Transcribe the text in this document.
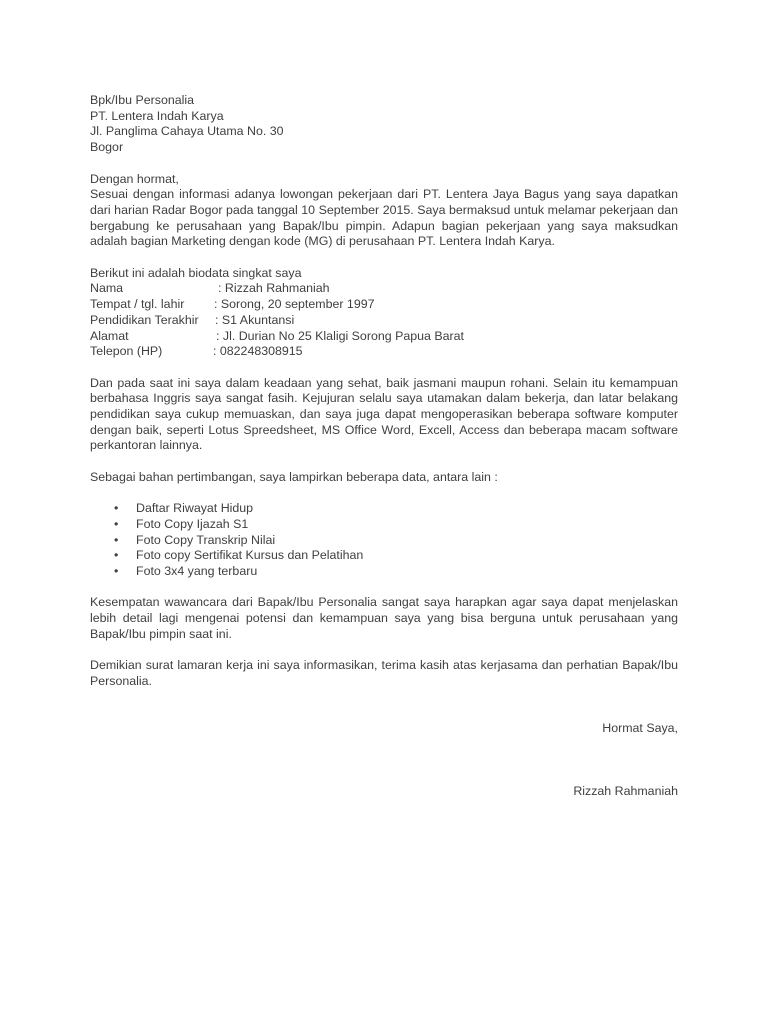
Bpk/Ibu Personalia

PT. Lentera Indah Karya

Jl. Panglima Cahaya Utama No. 30

Bogor

Dengan hormat,

Sesuai dengan informasi adanya lowongan pekerjaan dari PT. Lentera Jaya Bagus yang saya dapatkan dari harian Radar Bogor pada tanggal 10 September 2015. Saya bermaksud untuk melamar pekerjaan dan bergabung ke perusahaan yang Bapak/Ibu pimpin. Adapun bagian pekerjaan yang saya maksudkan adalah bagian Marketing dengan kode (MG) di perusahaan PT. Lentera Indah Karya.

Berikut ini adalah biodata singkat saya

Nama	: Rizzah Rahmaniah
Tempat / tgl. lahir	: Sorong, 20 september 1997
Pendidikan Terakhir	: S1 Akuntansi
Alamat	: Jl. Durian No 25 Klaligi Sorong Papua Barat
Telepon (HP)	: 082248308915

Dan pada saat ini saya dalam keadaan yang sehat, baik jasmani maupun rohani. Selain itu kemampuan berbahasa Inggris saya sangat fasih. Kejujuran selalu saya utamakan dalam bekerja, dan latar belakang pendidikan saya cukup memuaskan, dan saya juga dapat mengoperasikan beberapa software komputer dengan baik, seperti Lotus Spreedsheet, MS Office Word, Excell, Access dan beberapa macam software perkantoran lainnya.

Sebagai bahan pertimbangan, saya lampirkan beberapa data, antara lain :

• Daftar Riwayat Hidup
• Foto Copy Ijazah S1
• Foto Copy Transkrip Nilai
• Foto copy Sertifikat Kursus dan Pelatihan
• Foto 3x4 yang terbaru

Kesempatan wawancara dari Bapak/Ibu Personalia sangat saya harapkan agar saya dapat menjelaskan lebih detail lagi mengenai potensi dan kemampuan saya yang bisa berguna untuk perusahaan yang Bapak/Ibu pimpin saat ini.

Demikian surat lamaran kerja ini saya informasikan, terima kasih atas kerjasama dan perhatian Bapak/Ibu Personalia.

Hormat Saya,

Rizzah Rahmaniah
